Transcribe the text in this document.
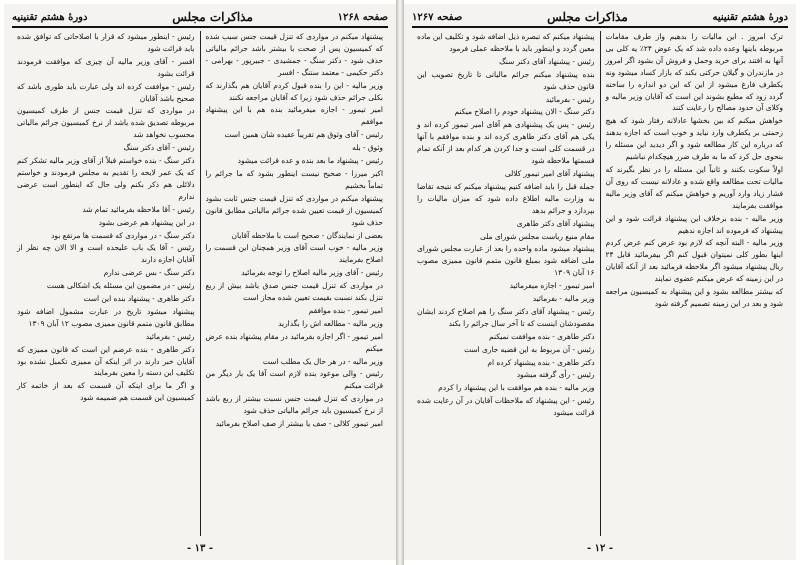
صفحه ۱۲۶۸
مذاکرات مجلس
دورهٔ هشتم تقنینیه

پیشنهاد میکنم در مواردی که تنزل قیمت جنس سبب شده که کمیسیون پس از صحت با بیشتر باشد جرائم مالیاتی حذف شود - دکتر سنگ - جمشیدی - جبیرپور - بهرامی - دکتر حکیمی - معتمد ستنگ - افسر

وزیر مالیه - این را بنده قبول کردم آقایان هم بگذارند که بکلی جرائم حذف شود زیرا که آقایان مراجعه نکنند

امیر تیمور - اجازه میفرمائید بنده هم با این پیشنهاد موافقم

رئیس - آقای وثوق هم تقریباً عقیده شان همین است

وثوق - بله

رئیس - پیشنهاد ما بعد بنده و عده قرائت میشود

اکبر میرزا - صحیح نیست اینطور بشود که ما جرائم را تماماً بخشیم

پیشنهاد میکنم در مواردی که تنزل قیمت جنس ثابت بشود کمیسیون از قیمت تعیین شده جرائم مالیاتی مطابق قانون حذف شود

بعضی از نمایندگان - صحیح است با ملاحظه آقایان

وزیر مالیه - خوب است آقای وزیر همچنان این قسمت را اصلاح بفرمایند

رئیس - آقای وزیر مالیه اصلاح را توجه بفرمائید

در مواردی که تنزل قیمت جنس صدق باشد بیش از ربع تنزل بکند نسبت بقیمت تعیین شده مجاز است

امیر تیمور - بنده موافقم

وزیر مالیه - مطالعه اش را بگذارید

امیر تیمور - اگر اجازه بفرمائید در مقام پیشنهاد بنده عرض میکنم

وزیر مالیه - در هر حال یک مطلب است

رئیس - والی موعود بنده لازم است آقا یک بار دیگر من قرائت میکنم

در مواردی که تنزل قیمت جنس نسبت بیشتر از ربع باشد از نرخ کمیسیون باید جرائم مالیاتی حذف شود

امیر تیمور کلالی - صف یا بیشتر از صف اصلاح بفرمائید

رئیس - اینطور میشود که قرار با اصلاحاتی که توافق شده باید قرائت شود

افسر - آقای وزیر مالیه آن چیزی که موافقت فرمودند قرائت بشود

رئیس - موافقت کرده اند ولی عبارت باید طوری باشد که صحیح باشد آقایان

در مواردی که تنزل قیمت جنس از طرف کمیسیون مربوطه تصدیق شده باشد از نرخ کمیسیون جرائم مالیاتی محسوب نخواهد شد

رئیس - آقای دکتر سنگ

دکتر سنگ - بنده خواستم قبلاً از آقای وزیر مالیه تشکر کنم که یک عمر لایحه را تقدیم به مجلس فرمودند و خواستم دلائلی هم ذکر بکنم ولی حال که اینطور است عرضی ندارم

رئیس - آقا ملاحظه بفرمائید تمام شد

در این پیشنهاد هم عرضی بشود

دکتر سنگ - در مواردی که قسمت ها مرتفع بود

رئیس - آقا یک باب علیحده است و الا الان چه نظر از آقایان اجازه دارند

دکتر سنگ - بس عرضی ندارم

رئیس - در مضمون این مسئله یک اشکالی هست

دکتر طاهری - پیشنهاد بنده این است

پیشنهاد میشود تاریخ در عبارت مشمول اضافه شود مطابق قانون متمم قانون ممیزی مصوب ۱۲ آبان ۱۳۰۹

رئیس - بفرمائید

دکتر طاهری - بنده عرضم این است که قانون ممیزی که آقایان خبر دارند در اثر اینکه آن ممیزی تکمیل نشده بود تکلیف این دسته را معین بفرمایند

و اگر ما برای اینکه آن قسمت که بعد از خاتمه کار کمیسیون این قسمت هم ضمیمه شود

- ۱۳ -
دورهٔ هشتم تقنینیه
مذاکرات مجلس
صفحه ۱۲۶۷

ترک امروز . این مالیات را بدهیم واز طرف مقامات مربوطه باینها وعده داده شد که یک عوض ۲۴٪ یه کلی بی آنها به افتند برای خرید وحمل و فروش آن بشود اگر امروز در مازندران و گیلان حرکتی بکند که بازار کساد میشود ونه یکطرف فارغ میشود از این که این دو اندازه را ساخته گردد زود که مطیع بشوند این است که آقایان وزیر مالیه و وکلای آن حدود مصالح را رعایت کنند

خواهش میکنم که بین بخشها عادلانه رفتار شود که هیچ زحمتی بر یکطرف وارد نیاید و خوب است که اجازه بدهند که درباره این کار مطالعه شود و اگر دیدید این مسئله را بنحوی حل کرد که ما به طرف ضرر هیچکدام نباشیم

اولاً سکوت بکنند و ثانیاً این مسئله را در نظر بگیرند که مالیات تحت مطالعه واقع شده و عادلانه نیست که روی آن فشار زیاد وارد آوریم و خواهش میکنم که آقای وزیر مالیه موافقت بفرمایند

وزیر مالیه - بنده برخلاف این پیشنهاد قرائت شود و این پیشنهاد که فرموده اند اجازه ندهیم

وزیر مالیه - البته آنچه که لازم بود عرض کنم عرض کردم اینها بطور کلی نمیتوان قبول کنم اگر بیفرمائید قابل ۲۴ ریال پیشنهاد میشود اگر ملاحظه فرمائید بعد از آنکه آقایان در این زمینه که عرض میکنم عضوی نمایند

که بیشتر مطالعه بشود و این پیشنهاد به کمیسیون مراجعه شود و بعد در این زمینه تصمیم گرفته شود

پیشنهاد میکنم که تبصره ذیل اضافه شود و تکلیف این ماده معین گردد و اینطور باید با ملاحظه عملی فرمود

رئیس - پیشنهاد آقای دکتر سنگ

بنده پیشنهاد میکنم جرائم مالیاتی تا تاریخ تصویب این قانون حذف شود

رئیس - بفرمائید

دکتر سنگ - الان پیشنهاد خودم را اصلاح میکنم

رئیس - پس یک پیشنهادی هم آقای امیر تیمور کرده اند و یکی هم آقای دکتر طاهری کرده اند و بنده موافقم با آنها در قسمت کلی است و جدا کردن هر کدام بعد از آنکه تمام قسمتها ملاحظه شود

پیشنهاد آقای امیر تیمور کلالی

جمله قبل را باید اضافه کنیم پیشنهاد میکنم که نتیجه تقاضا به وزارت مالیه اطلاع داده شود که میزان مالیات را بپردازد و جرائم بدهد

پیشنهاد آقای دکتر طاهری

مقام منیع ریاست مجلس شورای ملی

پیشنهاد میشود ماده واحده را بعد از عبارت مجلس شورای ملی اضافه شود بمبلغ قانون متمم قانون ممیزی مصوب ۱۶ آبان ۱۳۰۹

امیر تیمور - اجازه میفرمائید

وزیر مالیه - بفرمائید

رئیس - پیشنهاد آقای دکتر سنگ را هم اصلاح کردند ایشان مقصودشان اینست که تا آخر سال جرائم را بکند

دکتر طاهری - بنده موافقت نمیکنم

رئیس - آن مربوط به این قضیه جاری است

دکتر طاهری - بنده پیشنهاد کرده ام

رئیس - رأی گرفته میشود

وزیر مالیه - بنده هم موافقت با این پیشنهاد را کردم

رئیس - این پیشنهاد که ملاحظات آقایان در آن رعایت شده قرائت میشود

- ۱۲ -
